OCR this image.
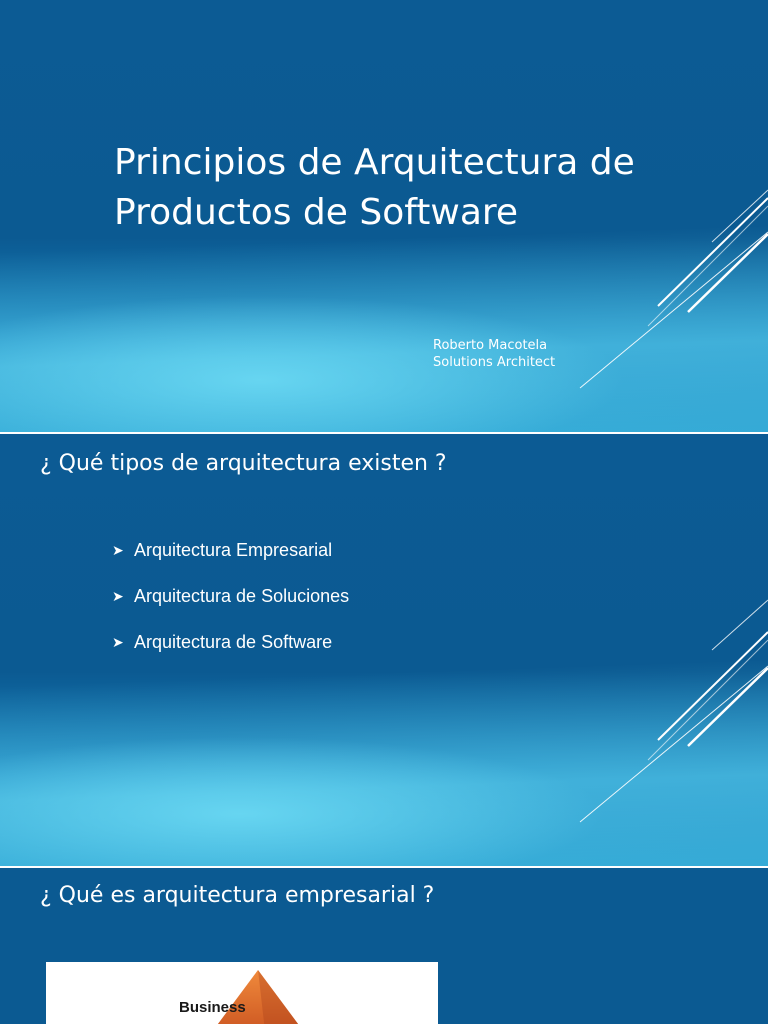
Principios de Arquitectura de
Productos de Software
Roberto Macotela
Solutions Architect
¿ Qué tipos de arquitectura existen ?
➤ Arquitectura Empresarial
➤ Arquitectura de Soluciones
➤ Arquitectura de Software
¿ Qué es arquitectura empresarial ?
Business
